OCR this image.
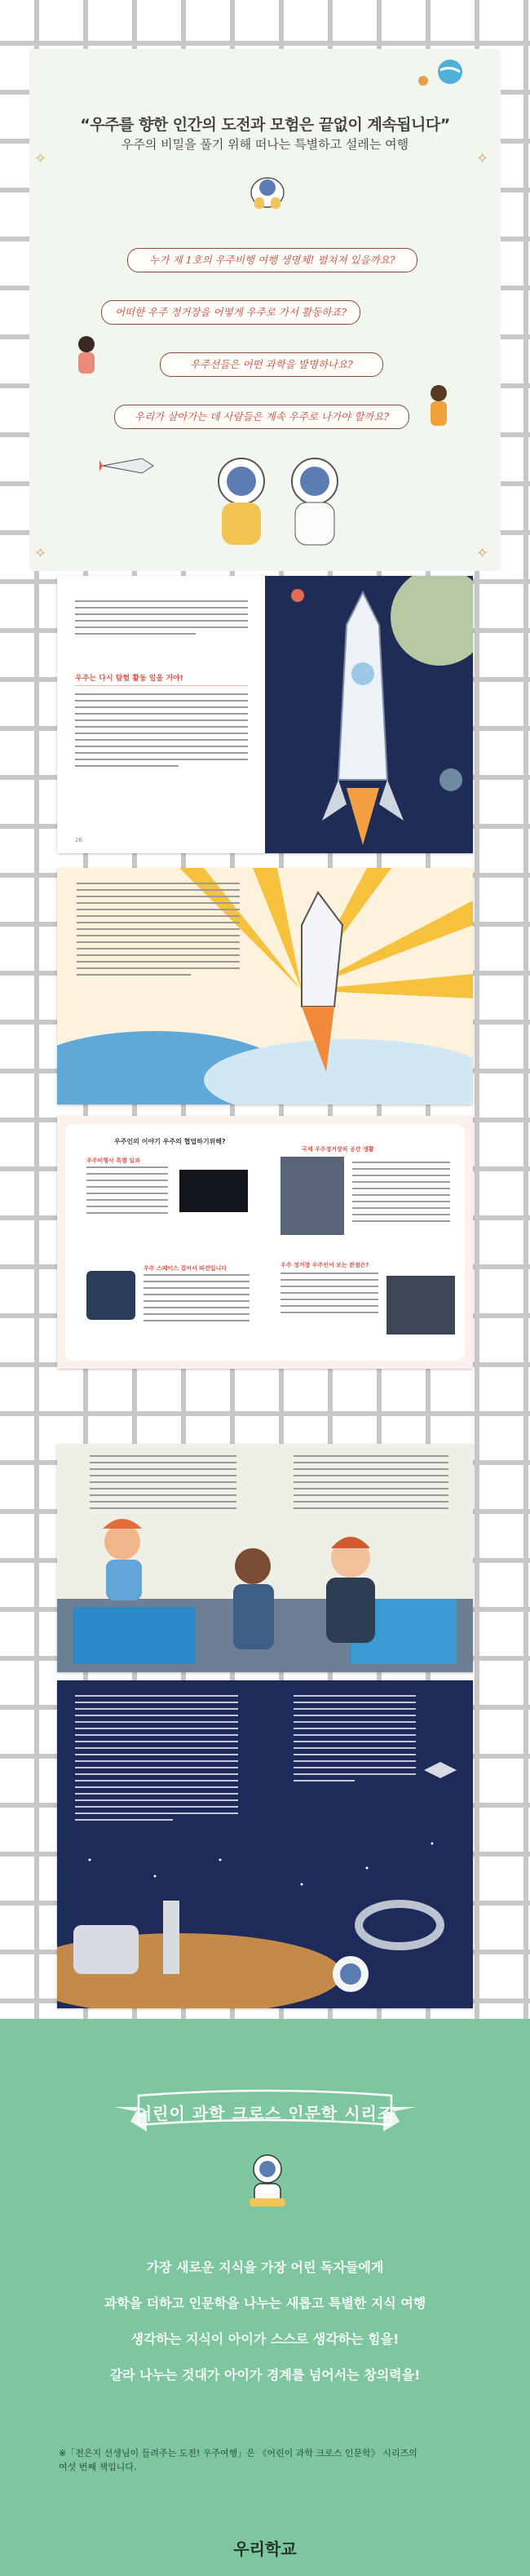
“우주를 향한 인간의 도전과 모험은 끝없이 계속됩니다”
우주의 비밀을 풀기 위해 떠나는 특별하고 설레는 여행
✧	✧
✧	✧
누가 제 1호의 우주비행 여행 생명체! 펼쳐져 있을까요?
어떠한 우주 정거장을 어떻게 우주로 가서 활동하죠?
우주선들은 어떤 과학을 발명하나요?
우리가 살아가는 데 사람들은 계속 우주로 나가야 할까요?
우주는 다시 탐험 활동 일을 거야!
26
우주인의 이야기 우주의 협업하기위해?
우주비행사 특별 일과
우주 스페이스 걸어서 파견입니다
국제 우주정거장의 공간 생활
우주 정거장 우주인이 보는 관점은?
어린이 과학 크로스 인문학 시리즈
가장 새로운 지식을 가장 어린 독자들에게
과학을 더하고 인문학을 나누는 새롭고 특별한 지식 여행
생각하는 지식이 아이가 스스로 생각하는 힘을!
갈라 나누는 것대가 아이가 경계를 넘어서는 창의력을!
※「전은지 선생님이 들려주는 도전! 우주여행」은 《어린이 과학 크로스 인문학》 시리즈의
여섯 번째 책입니다.
우리학교
